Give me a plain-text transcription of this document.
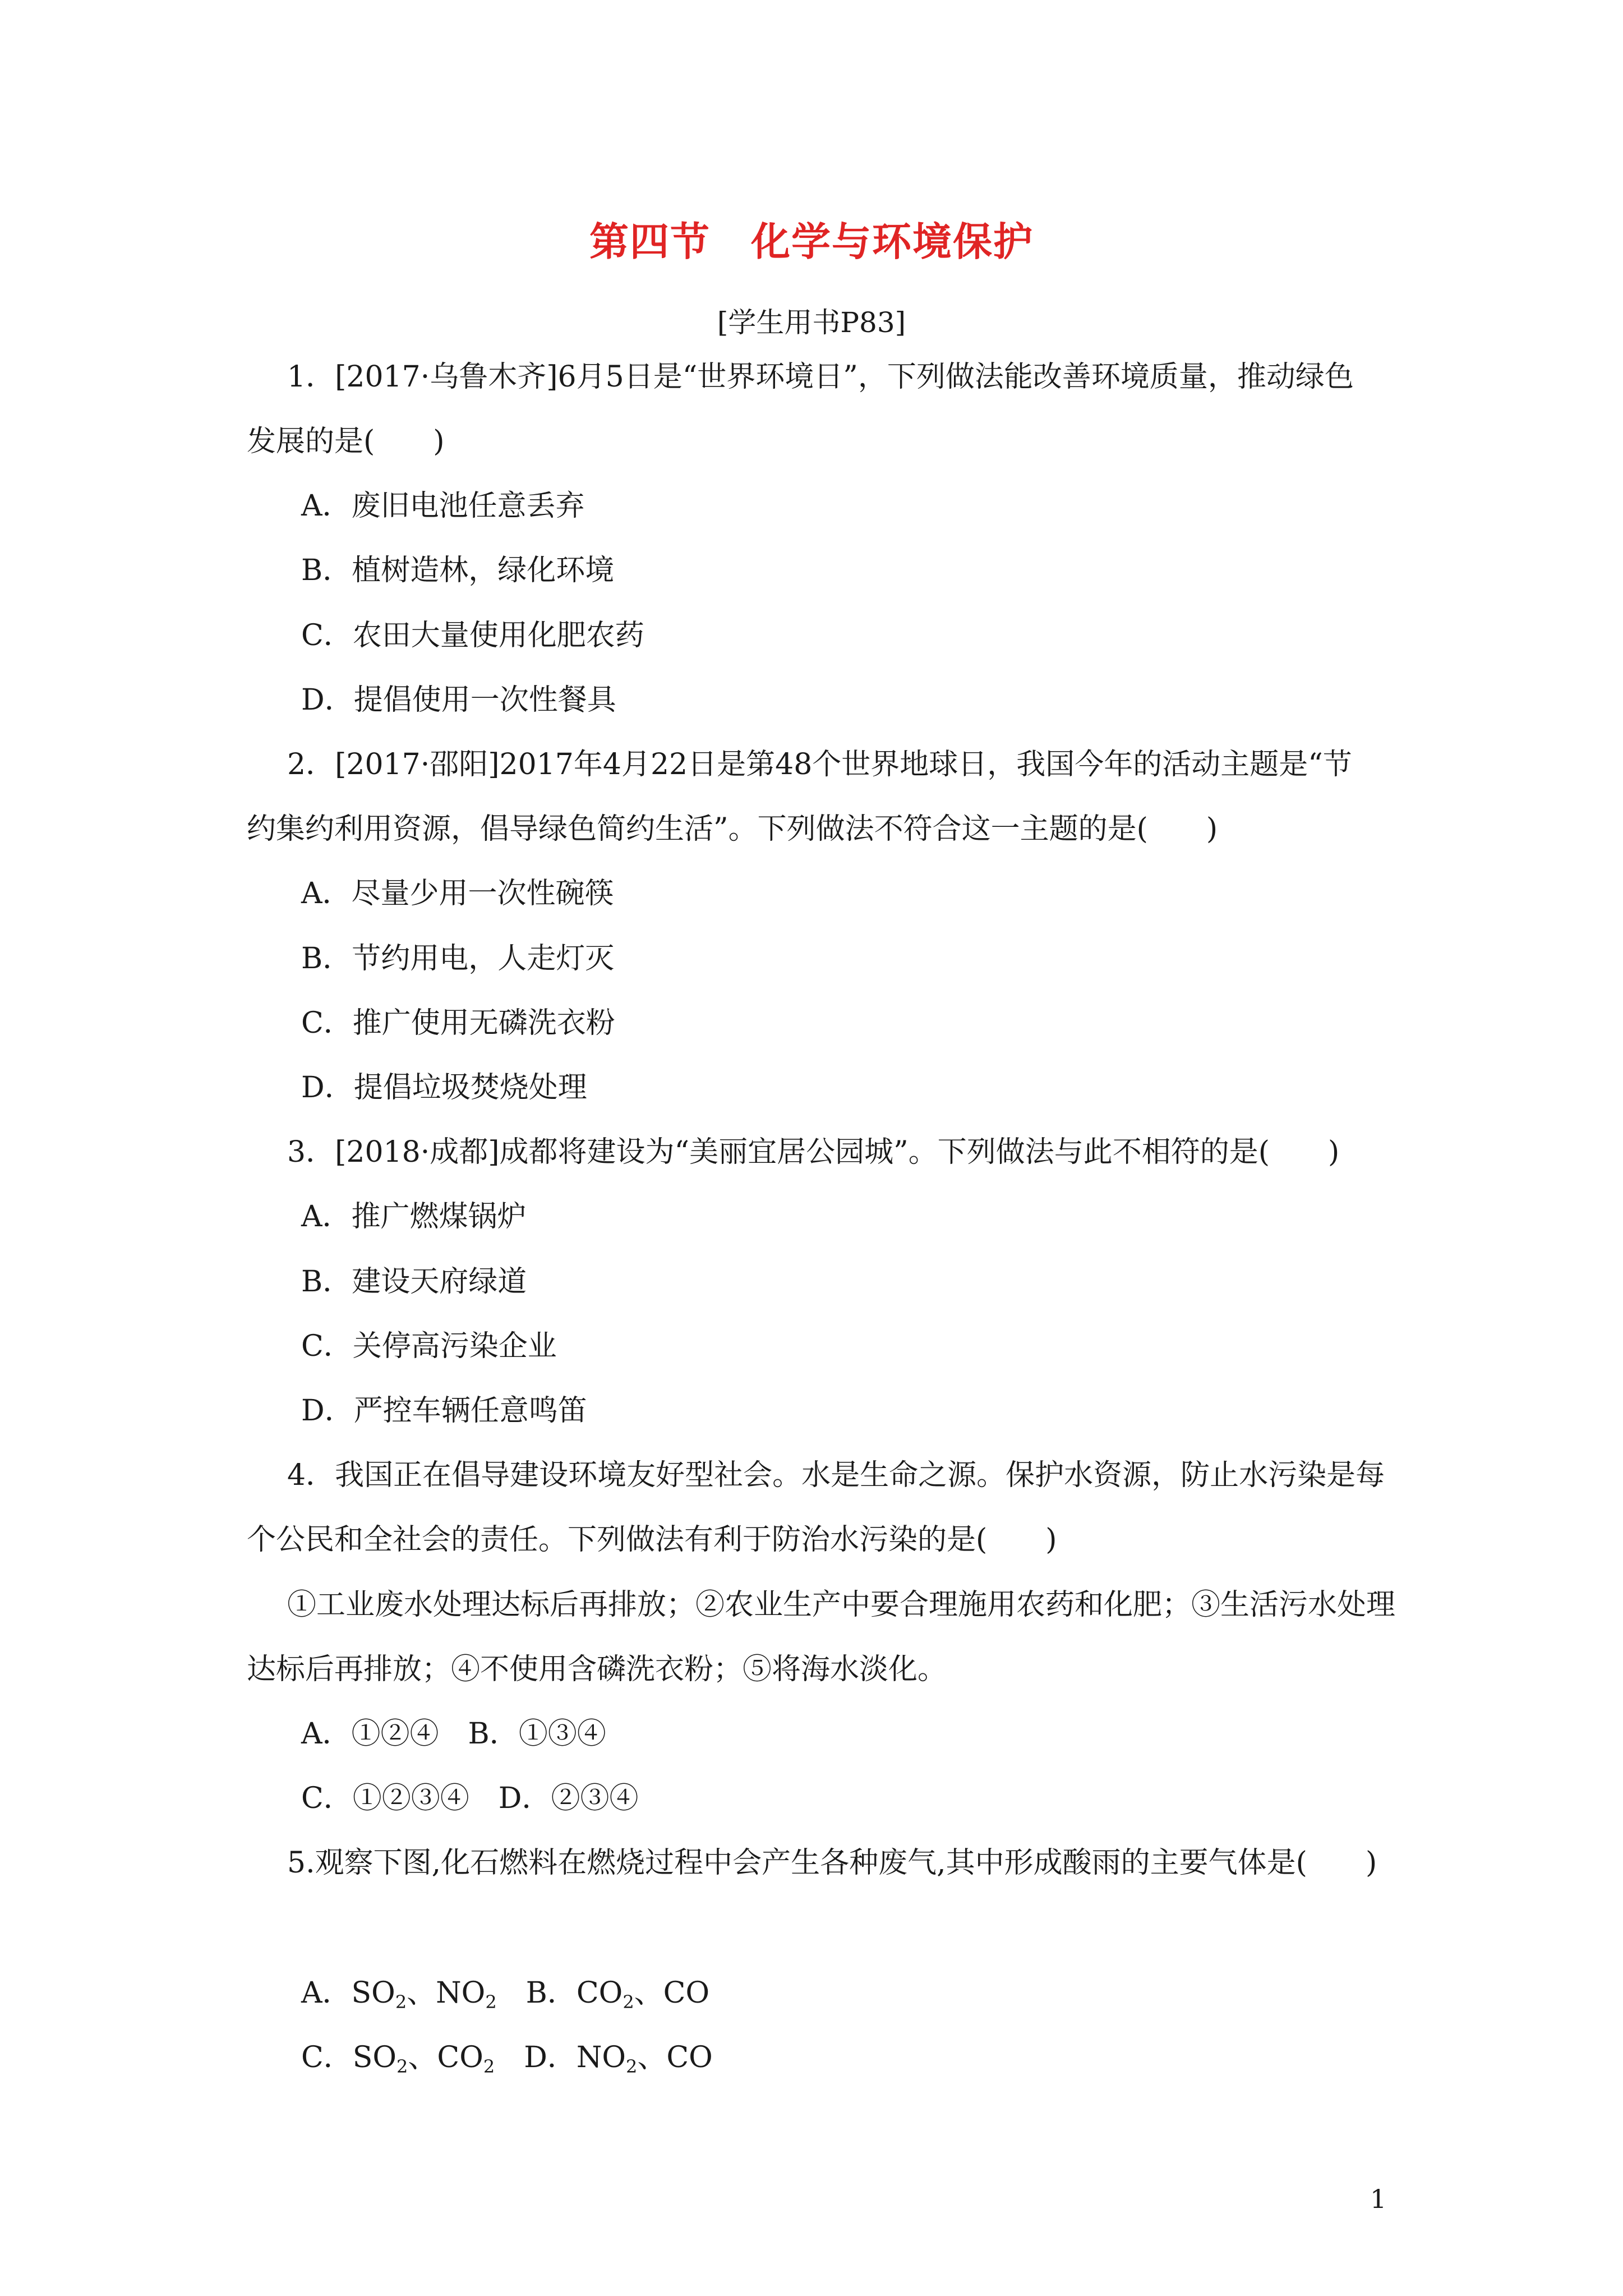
第四节　化学与环境保护
[学生用书P83]
1．[2017·乌鲁木齐]6月5日是“世界环境日”，下列做法能改善环境质量，推动绿色
发展的是(　　)
A．废旧电池任意丢弃
B．植树造林，绿化环境
C．农田大量使用化肥农药
D．提倡使用一次性餐具
2．[2017·邵阳]2017年4月22日是第48个世界地球日，我国今年的活动主题是“节
约集约利用资源，倡导绿色简约生活”。下列做法不符合这一主题的是(　　)
A．尽量少用一次性碗筷
B．节约用电，人走灯灭
C．推广使用无磷洗衣粉
D．提倡垃圾焚烧处理
3．[2018·成都]成都将建设为“美丽宜居公园城”。下列做法与此不相符的是(　　)
A．推广燃煤锅炉
B．建设天府绿道
C．关停高污染企业
D．严控车辆任意鸣笛
4．我国正在倡导建设环境友好型社会。水是生命之源。保护水资源，防止水污染是每
个公民和全社会的责任。下列做法有利于防治水污染的是(　　)
①工业废水处理达标后再排放；②农业生产中要合理施用农药和化肥；③生活污水处理
达标后再排放；④不使用含磷洗衣粉；⑤将海水淡化。
A．①②④　B．①③④
C．①②③④　D．②③④
5.观察下图,化石燃料在燃烧过程中会产生各种废气,其中形成酸雨的主要气体是(　　)
A．$SO_2$、$NO_2$　B．$CO_2$、CO
C．$SO_2$、$CO_2$　D．$NO_2$、CO
1
